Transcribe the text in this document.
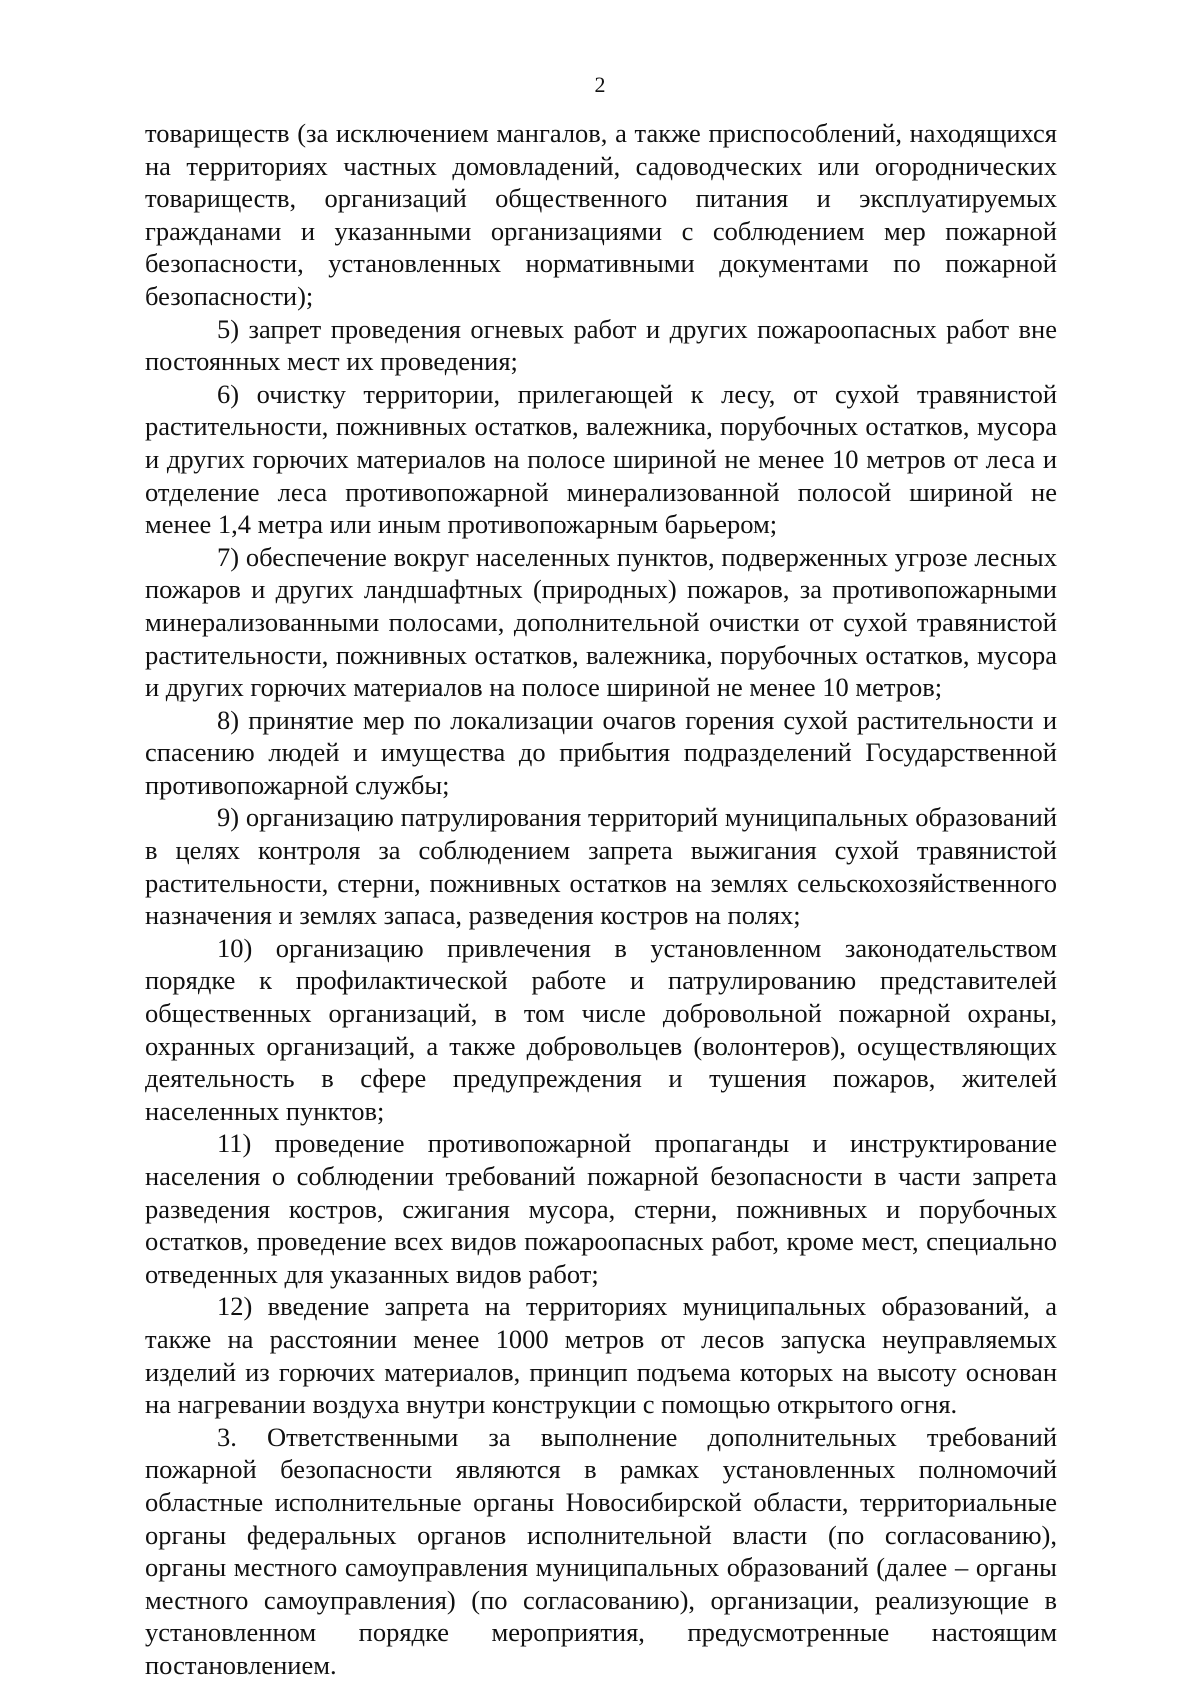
2

товариществ (за исключением мангалов, а также приспособлений, находящихся на территориях частных домовладений, садоводческих или огороднических товариществ, организаций общественного питания и эксплуатируемых гражданами и указанными организациями с соблюдением мер пожарной безопасности, установленных нормативными документами по пожарной безопасности);

5) запрет проведения огневых работ и других пожароопасных работ вне постоянных мест их проведения;

6) очистку территории, прилегающей к лесу, от сухой травянистой растительности, пожнивных остатков, валежника, порубочных остатков, мусора и других горючих материалов на полосе шириной не менее 10 метров от леса и отделение леса противопожарной минерализованной полосой шириной не менее 1,4 метра или иным противопожарным барьером;

7) обеспечение вокруг населенных пунктов, подверженных угрозе лесных пожаров и других ландшафтных (природных) пожаров, за противопожарными минерализованными полосами, дополнительной очистки от сухой травянистой растительности, пожнивных остатков, валежника, порубочных остатков, мусора и других горючих материалов на полосе шириной не менее 10 метров;

8) принятие мер по локализации очагов горения сухой растительности и спасению людей и имущества до прибытия подразделений Государственной противопожарной службы;

9) организацию патрулирования территорий муниципальных образований в целях контроля за соблюдением запрета выжигания сухой травянистой растительности, стерни, пожнивных остатков на землях сельскохозяйственного назначения и землях запаса, разведения костров на полях;

10) организацию привлечения в установленном законодательством порядке к профилактической работе и патрулированию представителей общественных организаций, в том числе добровольной пожарной охраны, охранных организаций, а также добровольцев (волонтеров), осуществляющих деятельность в сфере предупреждения и тушения пожаров, жителей населенных пунктов;

11) проведение противопожарной пропаганды и инструктирование населения о соблюдении требований пожарной безопасности в части запрета разведения костров, сжигания мусора, стерни, пожнивных и порубочных остатков, проведение всех видов пожароопасных работ, кроме мест, специально отведенных для указанных видов работ;

12) введение запрета на территориях муниципальных образований, а также на расстоянии менее 1000 метров от лесов запуска неуправляемых изделий из горючих материалов, принцип подъема которых на высоту основан на нагревании воздуха внутри конструкции с помощью открытого огня.

3. Ответственными за выполнение дополнительных требований пожарной безопасности являются в рамках установленных полномочий областные исполнительные органы Новосибирской области, территориальные органы федеральных органов исполнительной власти (по согласованию), органы местного самоуправления муниципальных образований (далее – органы местного самоуправления) (по согласованию), организации, реализующие в установленном порядке мероприятия, предусмотренные настоящим постановлением.
